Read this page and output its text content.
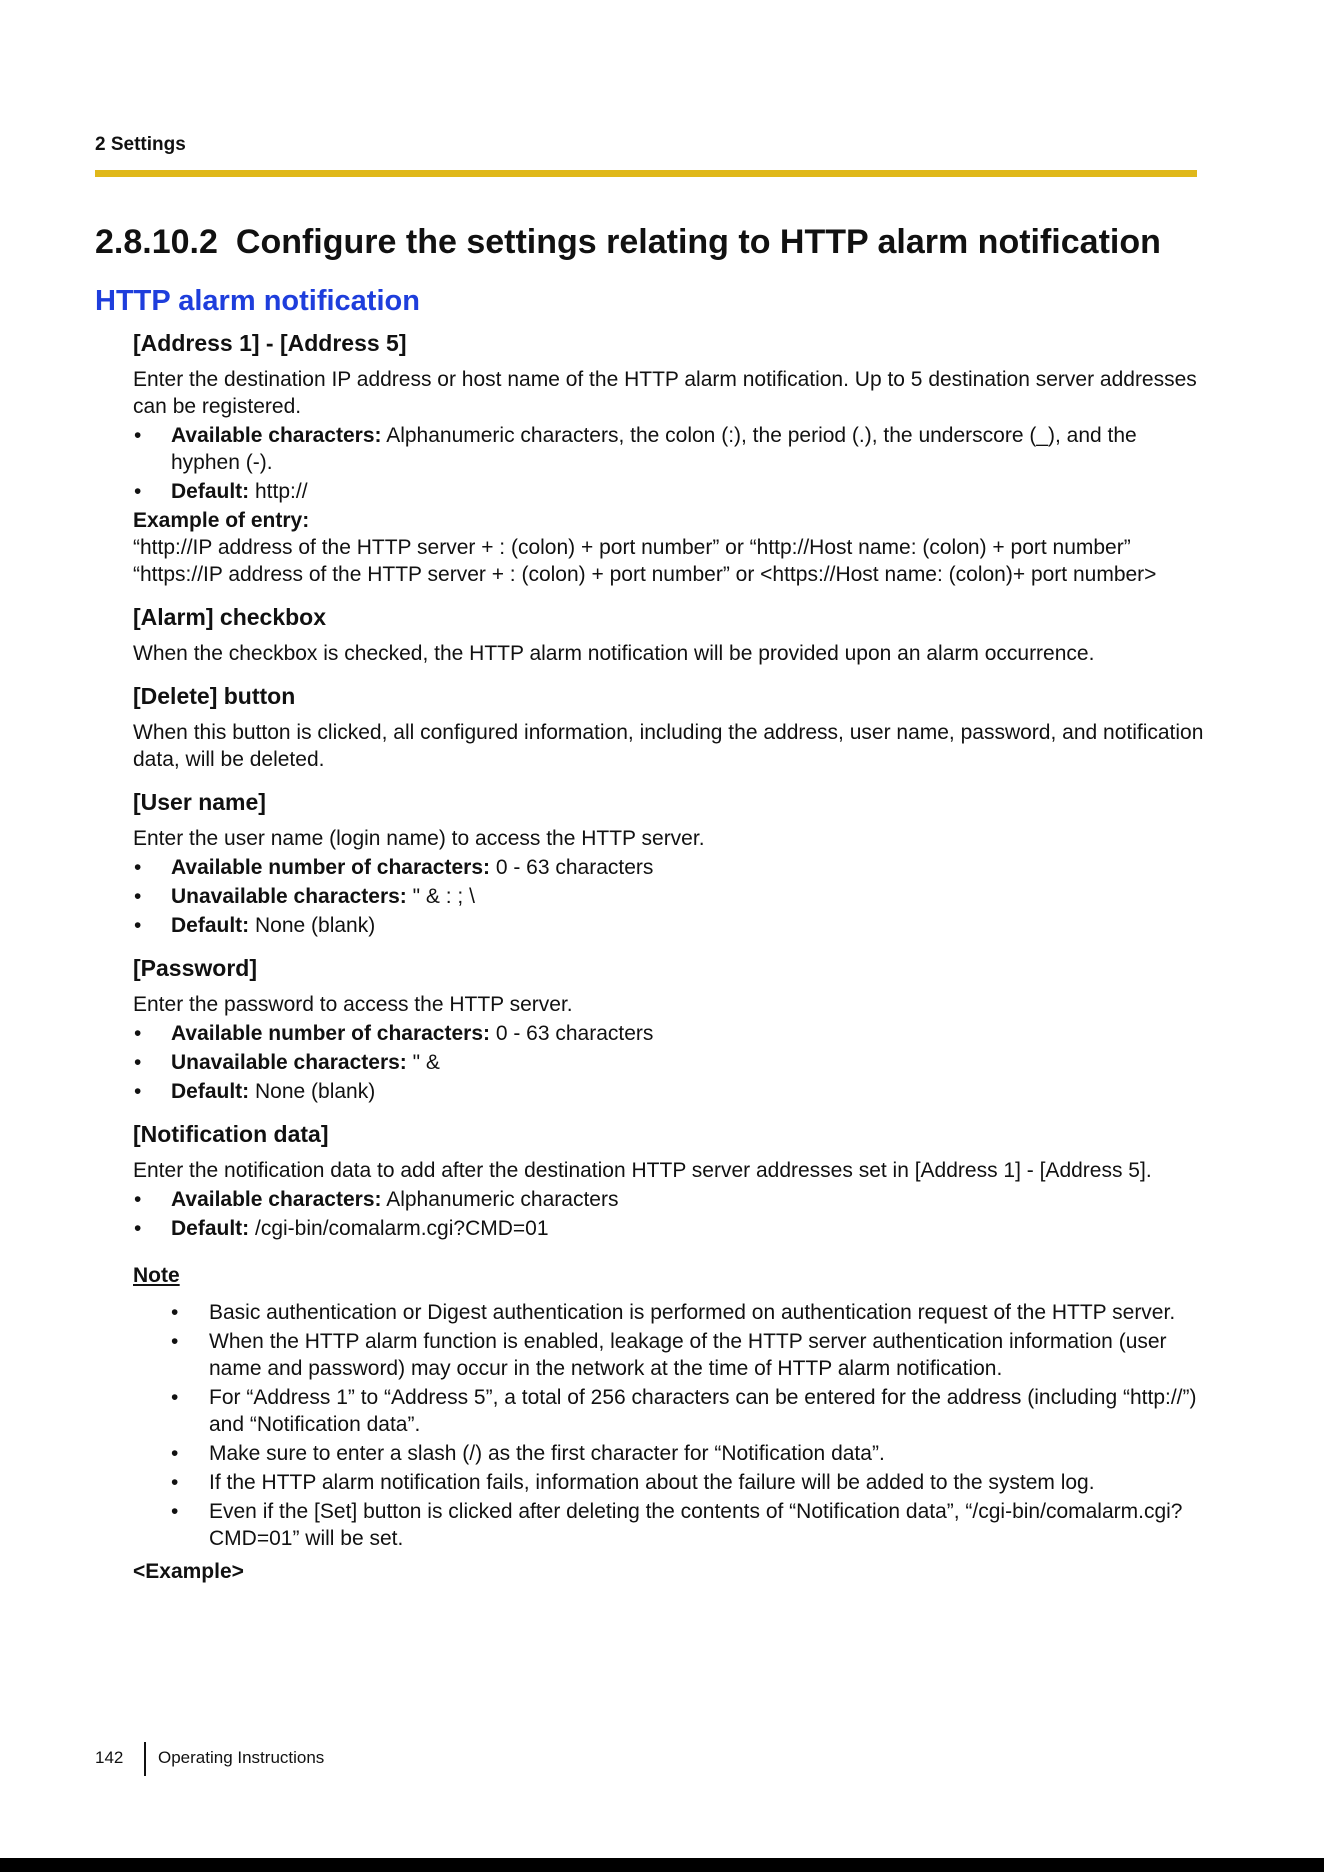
2 Settings
2.8.10.2 Configure the settings relating to HTTP alarm notification
HTTP alarm notification
[Address 1] - [Address 5]

Enter the destination IP address or host name of the HTTP alarm notification. Up to 5 destination server addresses can be registered.

• Available characters: Alphanumeric characters, the colon (:), the period (.), the underscore (_), and the hyphen (-).
• Default: http://
Example of entry:

“http://IP address of the HTTP server + : (colon) + port number” or “http://Host name: (colon) + port number”

“https://IP address of the HTTP server + : (colon) + port number” or <https://Host name: (colon)+ port number>

[Alarm] checkbox

When the checkbox is checked, the HTTP alarm notification will be provided upon an alarm occurrence.

[Delete] button

When this button is clicked, all configured information, including the address, user name, password, and notification data, will be deleted.

[User name]

Enter the user name (login name) to access the HTTP server.

• Available number of characters: 0 - 63 characters
• Unavailable characters: " & : ; \
• Default: None (blank)
[Password]

Enter the password to access the HTTP server.

• Available number of characters: 0 - 63 characters
• Unavailable characters: " &
• Default: None (blank)
[Notification data]

Enter the notification data to add after the destination HTTP server addresses set in [Address 1] - [Address 5].

• Available characters: Alphanumeric characters
• Default: /cgi-bin/comalarm.cgi?CMD=01
Note
• Basic authentication or Digest authentication is performed on authentication request of the HTTP server.
• When the HTTP alarm function is enabled, leakage of the HTTP server authentication information (user name and password) may occur in the network at the time of HTTP alarm notification.
• For “Address 1” to “Address 5”, a total of 256 characters can be entered for the address (including “http://”) and “Notification data”.
• Make sure to enter a slash (/) as the first character for “Notification data”.
• If the HTTP alarm notification fails, information about the failure will be added to the system log.
• Even if the [Set] button is clicked after deleting the contents of “Notification data”, “/cgi-bin/comalarm.cgi?CMD=01” will be set.
<Example>
142 Operating Instructions
